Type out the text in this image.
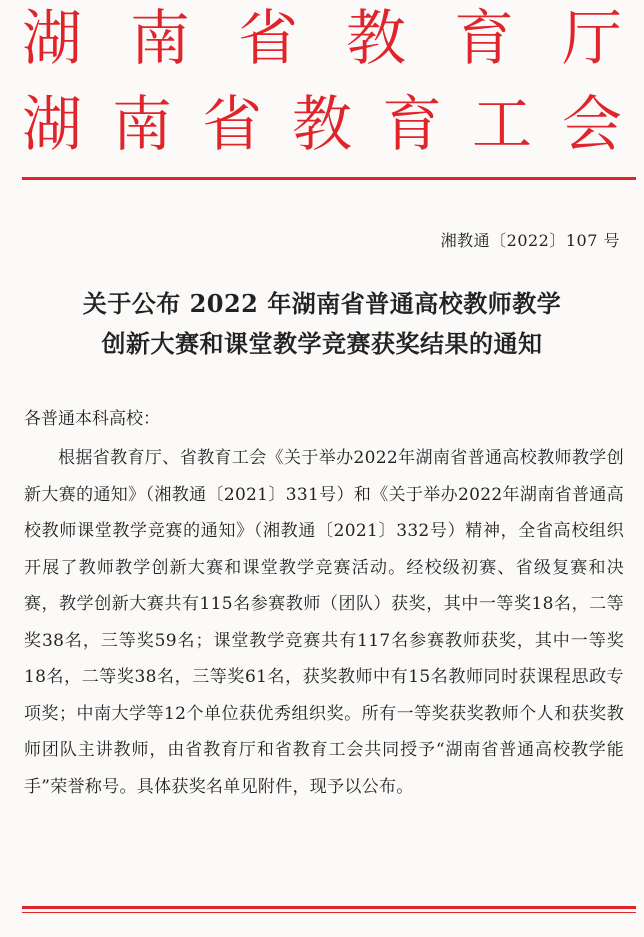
湖 南 省 教 育 厅
湖 南 省 教 育 工 会
湘教通〔2022〕107 号
关于公布 2022 年湖南省普通高校教师教学
创新大赛和课堂教学竞赛获奖结果的通知
各普通本科高校：
根据省教育厅、省教育工会《关于举办2022年湖南省普通高校教师教学创新大赛的通知》（湘教通〔2021〕331号）和《关于举办2022年湖南省普通高校教师课堂教学竞赛的通知》（湘教通〔2021〕332号）精神，全省高校组织开展了教师教学创新大赛和课堂教学竞赛活动。经校级初赛、省级复赛和决赛，教学创新大赛共有115名参赛教师（团队）获奖，其中一等奖18名，二等奖38名，三等奖59名；课堂教学竞赛共有117名参赛教师获奖，其中一等奖18名，二等奖38名，三等奖61名，获奖教师中有15名教师同时获课程思政专项奖；中南大学等12个单位获优秀组织奖。所有一等奖获奖教师个人和获奖教师团队主讲教师，由省教育厅和省教育工会共同授予“湖南省普通高校教学能手”荣誉称号。具体获奖名单见附件，现予以公布。
